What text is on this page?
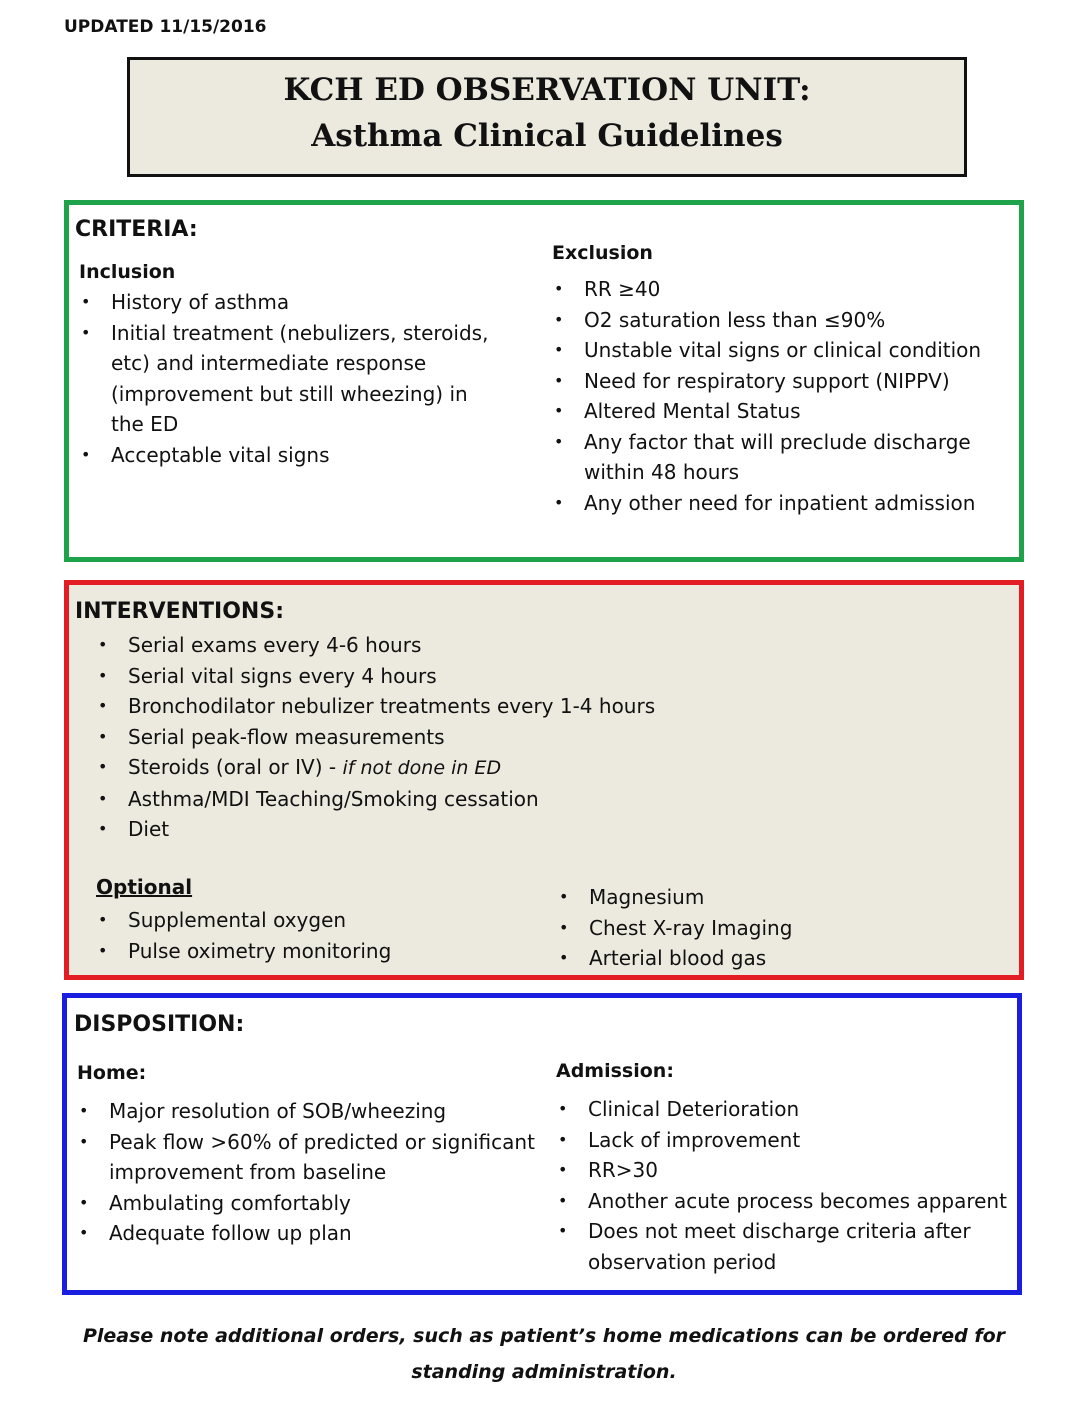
UPDATED 11/15/2016
KCH ED OBSERVATION UNIT:
Asthma Clinical Guidelines
CRITERIA:
Inclusion
• History of asthma
• Initial treatment (nebulizers, steroids, etc) and intermediate response (improvement but still wheezing) in the ED
• Acceptable vital signs
Exclusion
• RR ≥40
• O2 saturation less than ≤90%
• Unstable vital signs or clinical condition
• Need for respiratory support (NIPPV)
• Altered Mental Status
• Any factor that will preclude discharge within 48 hours
• Any other need for inpatient admission
INTERVENTIONS:
• Serial exams every 4-6 hours
• Serial vital signs every 4 hours
• Bronchodilator nebulizer treatments every 1-4 hours
• Serial peak-flow measurements
• Steroids (oral or IV) - if not done in ED
• Asthma/MDI Teaching/Smoking cessation
• Diet
Optional
• Supplemental oxygen
• Pulse oximetry monitoring
• Magnesium
• Chest X-ray Imaging
• Arterial blood gas
DISPOSITION:
Home:
• Major resolution of SOB/wheezing
• Peak flow >60% of predicted or significant improvement from baseline
• Ambulating comfortably
• Adequate follow up plan
Admission:
• Clinical Deterioration
• Lack of improvement
• RR>30
• Another acute process becomes apparent
• Does not meet discharge criteria after observation period
Please note additional orders, such as patient’s home medications can be ordered for standing administration.
